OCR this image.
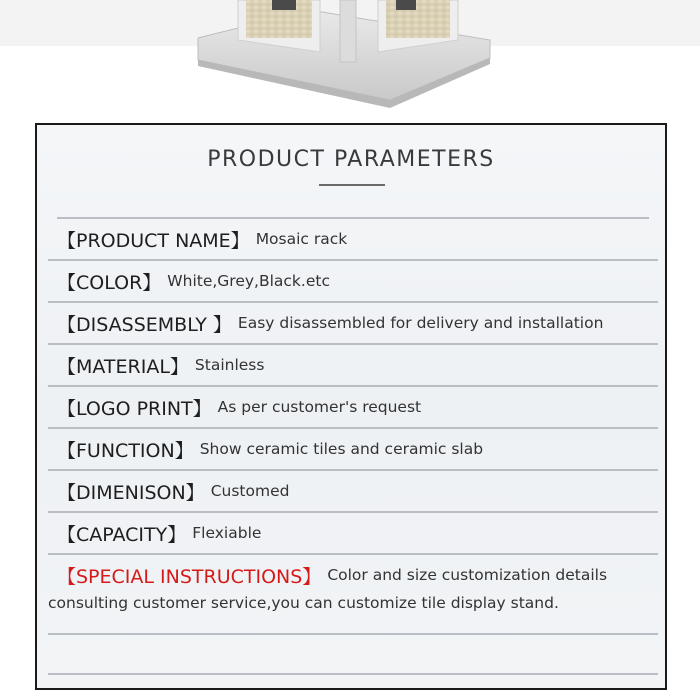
PRODUCT PARAMETERS
【PRODUCT NAME】 Mosaic rack
【COLOR】 White,Grey,Black.etc
【DISASSEMBLY 】 Easy disassembled for delivery and installation
【MATERIAL】 Stainless
【LOGO PRINT】 As per customer's request
【FUNCTION】 Show ceramic tiles and ceramic slab
【DIMENISON】 Customed
【CAPACITY】 Flexiable
【SPECIAL INSTRUCTIONS】 Color and size customization details
consulting customer service,you can customize tile display stand.
